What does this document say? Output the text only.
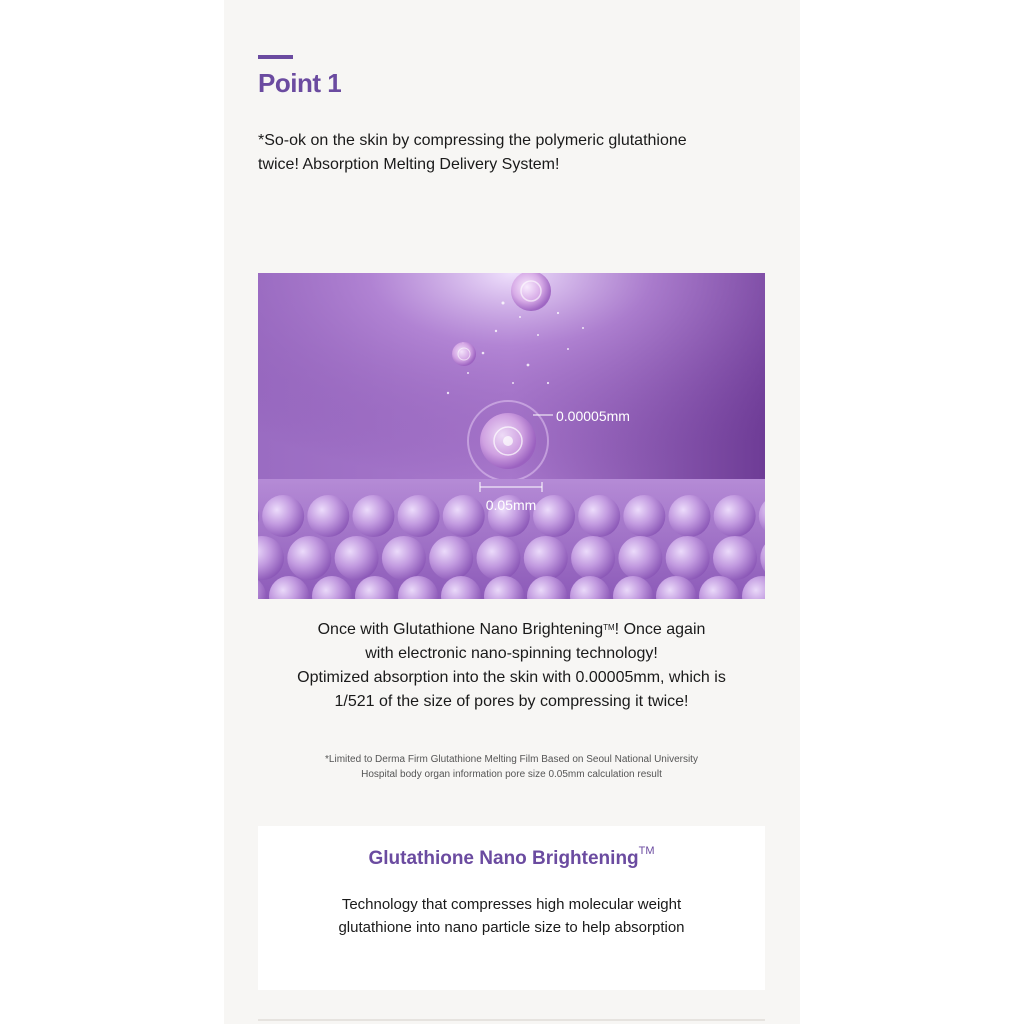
Point 1
*So-ok on the skin by compressing the polymeric glutathione
twice! Absorption Melting Delivery System!
0.00005mm
0.05mm

Once with Glutathione Nano Brightening™! Once again

with electronic nano-spinning technology!

Optimized absorption into the skin with 0.00005mm, which is

1/521 of the size of pores by compressing it twice!

*Limited to Derma Firm Glutathione Melting Film Based on Seoul National University

Hospital body organ information pore size 0.05mm calculation result

Glutathione Nano Brightening™

Technology that compresses high molecular weight

glutathione into nano particle size to help absorption
